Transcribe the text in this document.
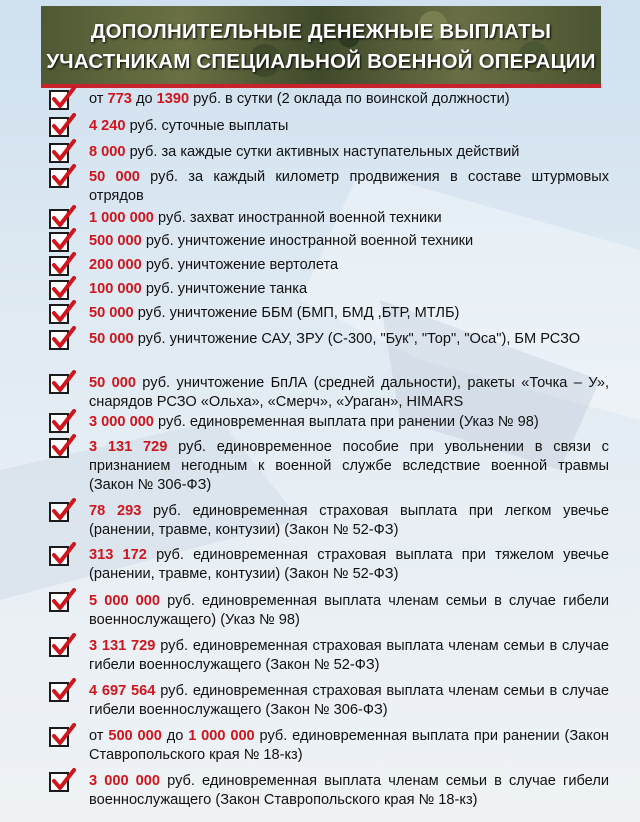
ДОПОЛНИТЕЛЬНЫЕ ДЕНЕЖНЫЕ ВЫПЛАТЫ
УЧАСТНИКАМ СПЕЦИАЛЬНОЙ ВОЕННОЙ ОПЕРАЦИИ
от 773 до 1390 руб. в сутки (2 оклада по воинской должности)
4 240 руб. суточные выплаты
8 000 руб. за каждые сутки активных наступательных действий
50 000 руб. за каждый километр продвижения в составе штурмовых отрядов
1 000 000 руб. захват иностранной военной техники
500 000 руб. уничтожение иностранной военной техники
200 000 руб. уничтожение вертолета
100 000 руб. уничтожение танка
50 000 руб. уничтожение ББМ (БМП, БМД ,БТР, МТЛБ)
50 000 руб. уничтожение САУ, ЗРУ (С-300, "Бук", "Тор", "Оса"), БМ РСЗО
50 000 руб. уничтожение БпЛА (средней дальности), ракеты «Точка – У», снарядов РСЗО «Ольха», «Смерч», «Ураган», HIMARS
3 000 000 руб. единовременная выплата при ранении (Указ № 98)
3 131 729 руб. единовременное пособие при увольнении в связи с признанием негодным к военной службе вследствие военной травмы (Закон № 306-ФЗ)
78 293 руб. единовременная страховая выплата при легком увечье (ранении, травме, контузии) (Закон № 52-ФЗ)
313 172 руб. единовременная страховая выплата при тяжелом увечье (ранении, травме, контузии) (Закон № 52-ФЗ)
5 000 000 руб. единовременная выплата членам семьи в случае гибели военнослужащего) (Указ № 98)
3 131 729 руб. единовременная страховая выплата членам семьи в случае гибели военнослужащего (Закон № 52-ФЗ)
4 697 564 руб. единовременная страховая выплата членам семьи в случае гибели военнослужащего (Закон № 306-ФЗ)
от 500 000 до 1 000 000 руб. единовременная выплата при ранении (Закон Ставропольского края № 18-кз)
3 000 000 руб. единовременная выплата членам семьи в случае гибели военнослужащего (Закон Ставропольского края № 18-кз)
